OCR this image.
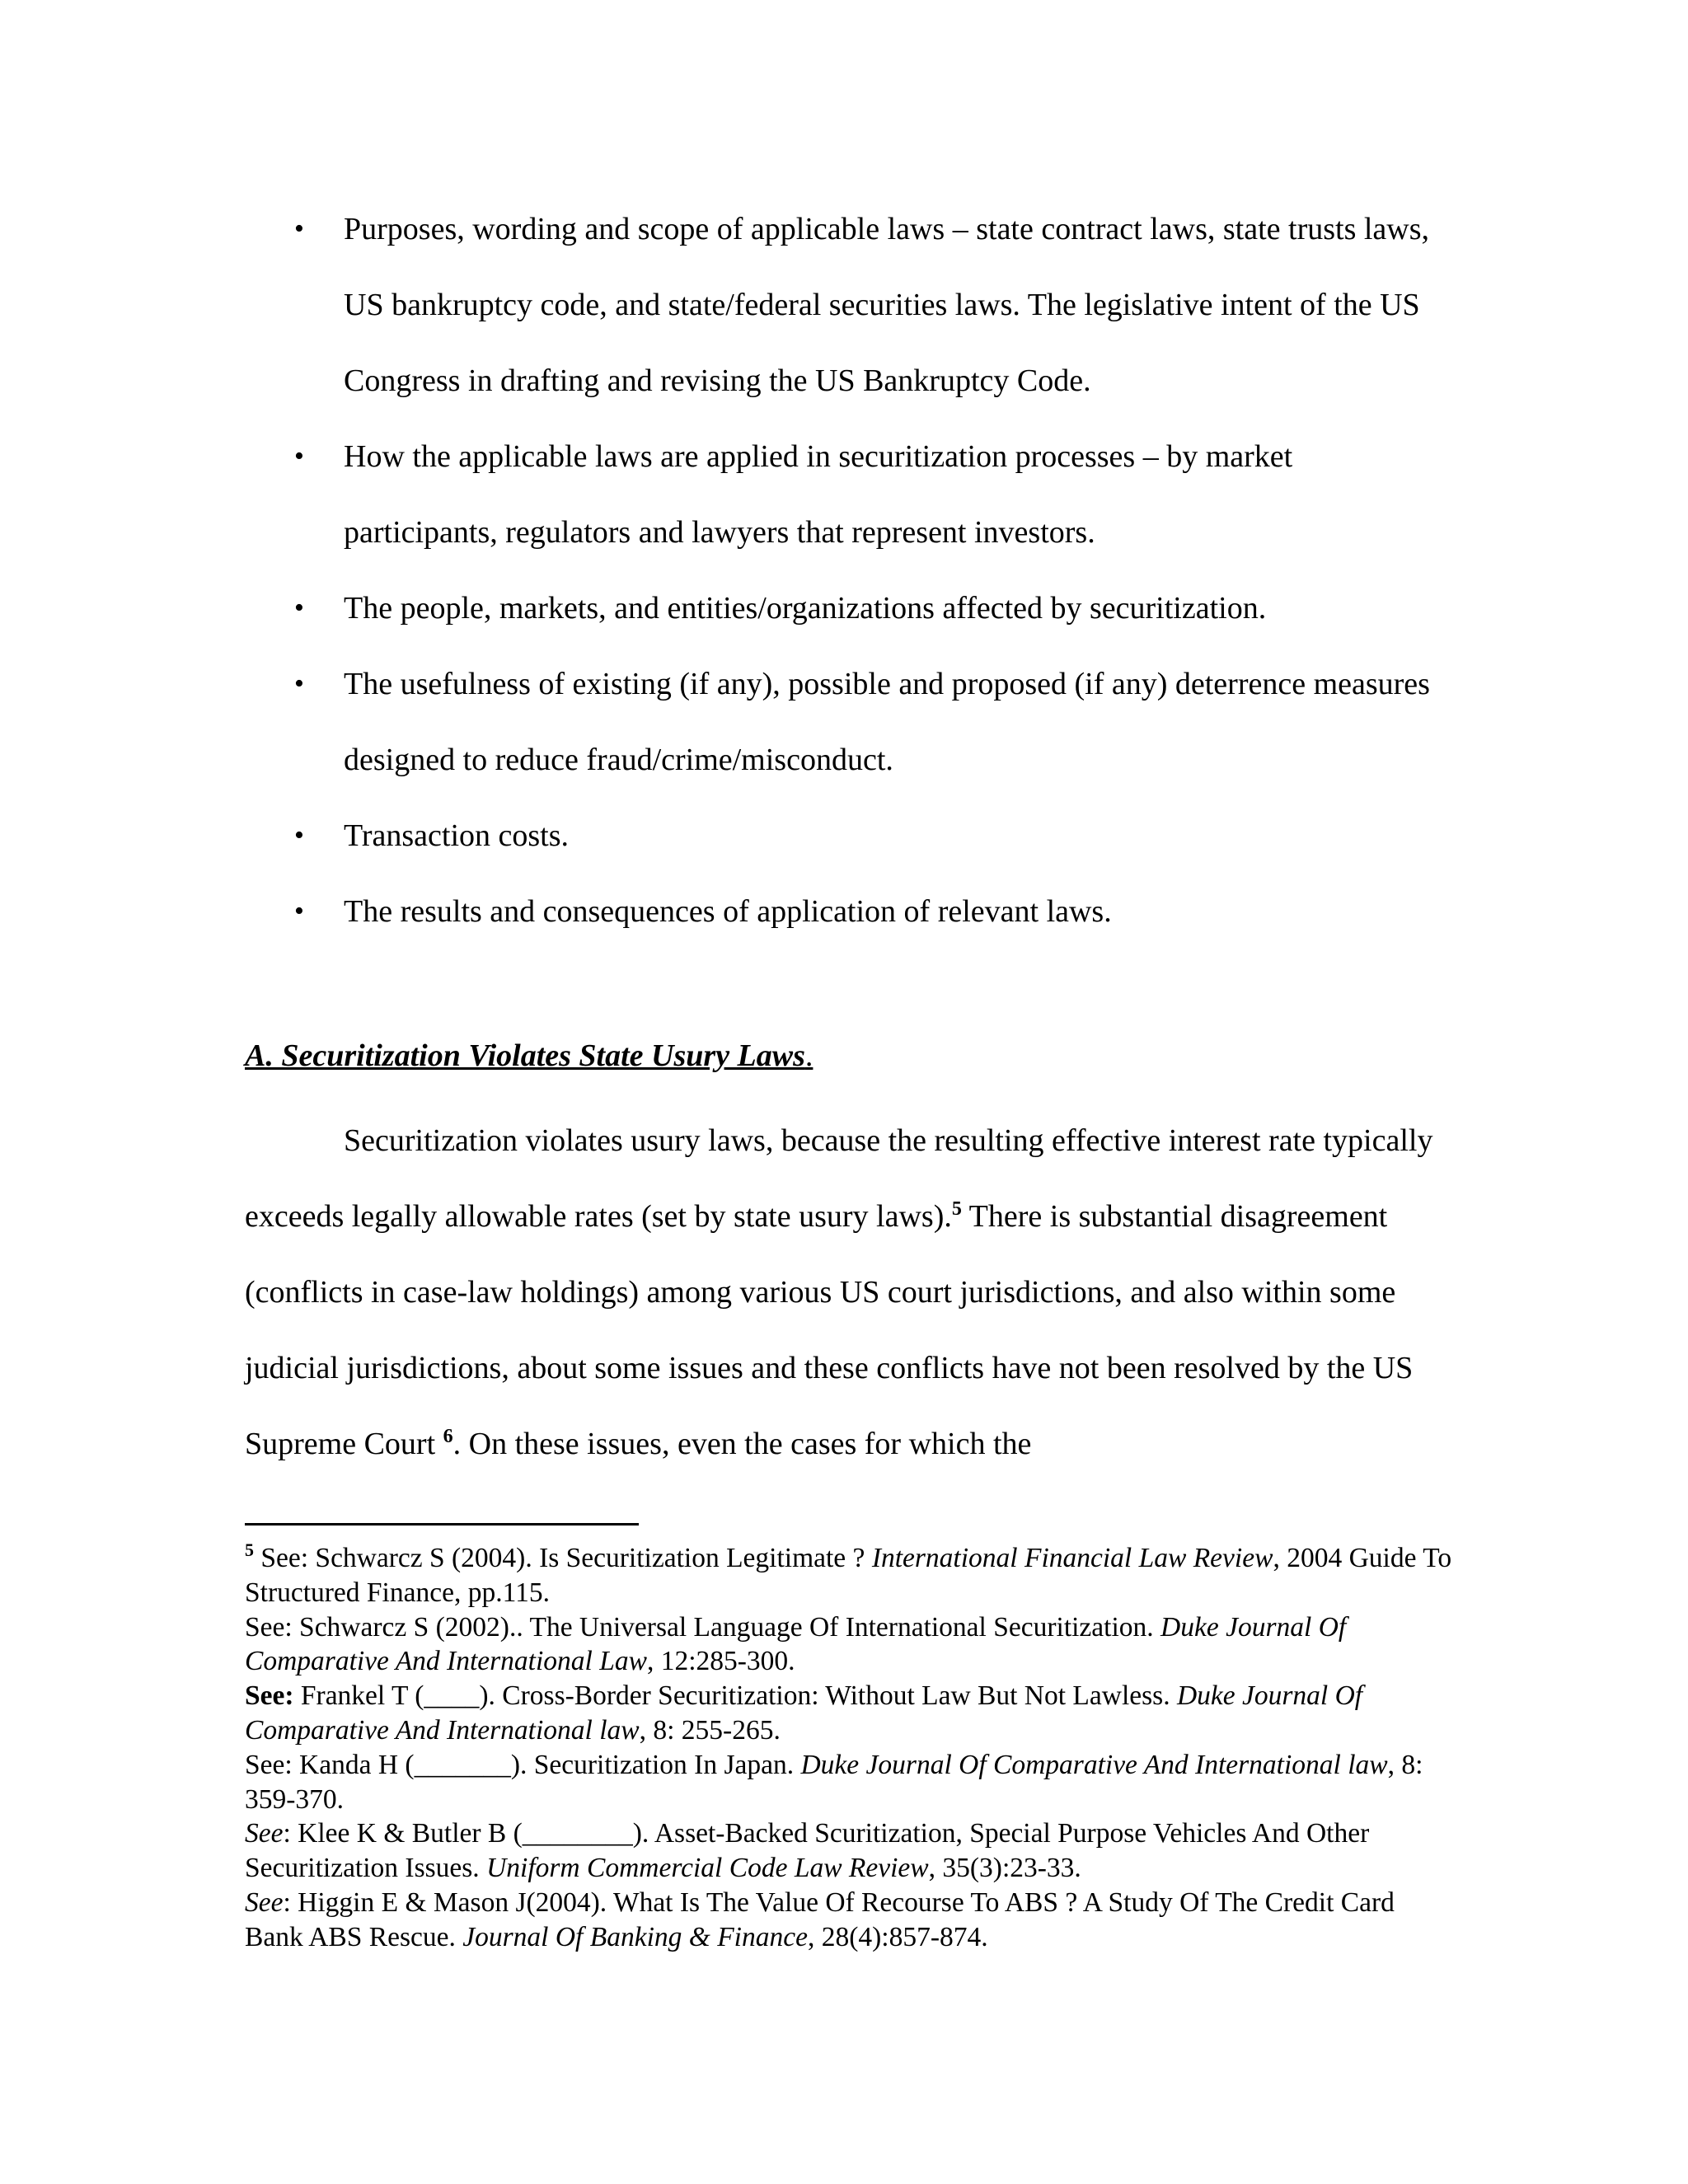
• Purposes, wording and scope of applicable laws – state contract laws, state trusts laws, US bankruptcy code, and state/federal securities laws. The legislative intent of the US Congress in drafting and revising the US Bankruptcy Code.
• How the applicable laws are applied in securitization processes – by market participants, regulators and lawyers that represent investors.
• The people, markets, and entities/organizations affected by securitization.
• The usefulness of existing (if any), possible and proposed (if any) deterrence measures designed to reduce fraud/crime/misconduct.
• Transaction costs.
• The results and consequences of application of relevant laws.
A. Securitization Violates State Usury Laws.

Securitization violates usury laws, because the resulting effective interest rate typically exceeds legally allowable rates (set by state usury laws).$^5$ There is substantial disagreement (conflicts in case-law holdings) among various US court jurisdictions, and also within some judicial jurisdictions, about some issues and these conflicts have not been resolved by the US Supreme Court $^6$. On these issues, even the cases for which the

$^5$ See: Schwarcz S (2004). Is Securitization Legitimate ? International Financial Law Review, 2004 Guide To Structured Finance, pp.115.

See: Schwarcz S (2002).. The Universal Language Of International Securitization. Duke Journal Of Comparative And International Law, 12:285-300.

See: Frankel T (____). Cross-Border Securitization: Without Law But Not Lawless. Duke Journal Of Comparative And International law, 8: 255-265.

See: Kanda H (_______). Securitization In Japan. Duke Journal Of Comparative And International law, 8: 359-370.

See: Klee K & Butler B (________). Asset-Backed Scuritization, Special Purpose Vehicles And Other Securitization Issues. Uniform Commercial Code Law Review, 35(3):23-33.

See: Higgin E & Mason J(2004). What Is The Value Of Recourse To ABS ? A Study Of The Credit Card Bank ABS Rescue. Journal Of Banking & Finance, 28(4):857-874.
